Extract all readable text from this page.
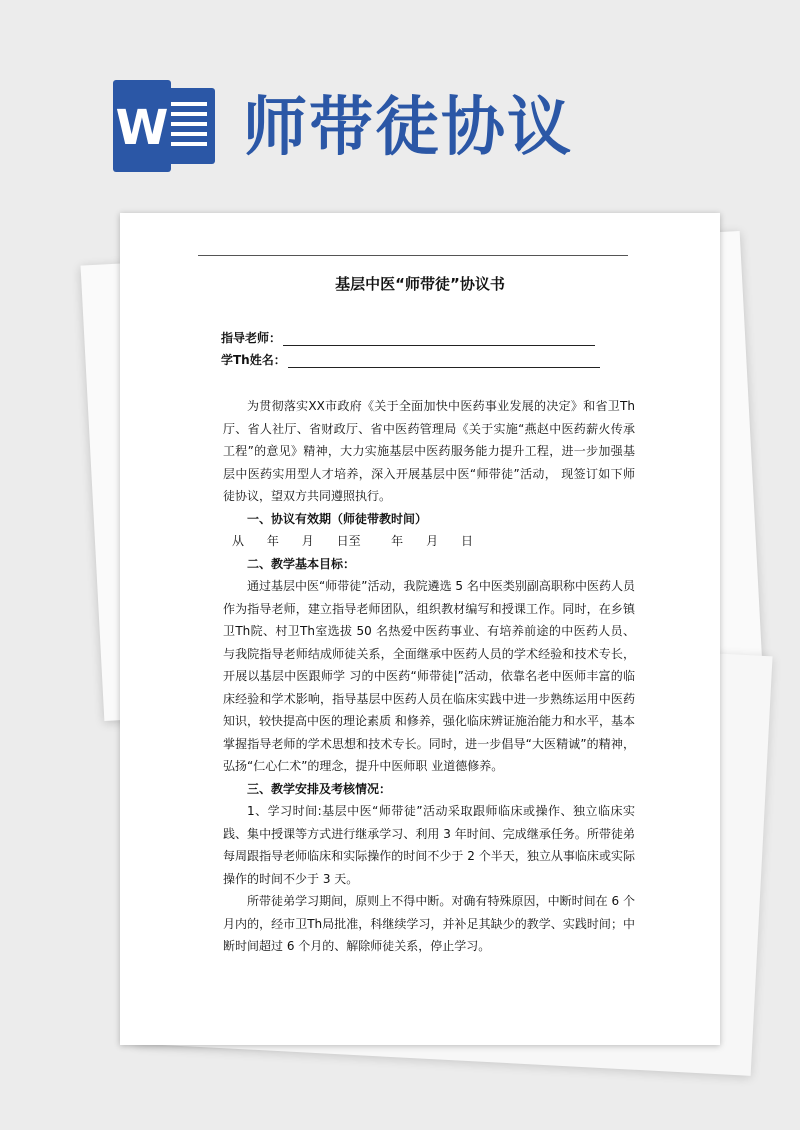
W 师带徒协议
基层中医“师带徒”协议书
指导老师：
学Th姓名：

为贯彻落实XX市政府《关于全面加快中医药事业发展的决定》和省卫Th厅、省人社厅、省财政厅、省中医药管理局《关于实施“燕赵中医药薪火传承工程”的意见》精神，大力实施基层中医药服务能力提升工程，进一步加强基层中医药实用型人才培养，深入开展基层中医“师带徒”活动， 现签订如下师徒协议，望双方共同遵照执行。

一、协议有效期（师徒带教时间）

从      年      月      日至        年      月      日

二、教学基本目标：

通过基层中医“师带徒”活动，我院遴选 5 名中医类别副高职称中医药人员作为指导老师，建立指导老师团队，组织教材编写和授课工作。同时，在乡镇卫Th院、村卫Th室选拔 50 名热爱中医药事业、有培养前途的中医药人员、与我院指导老师结成师徒关系，全面继承中医药人员的学术经验和技术专长，开展以基层中医跟师学 习的中医药“师带徒|”活动，依靠名老中医师丰富的临床经验和学术影响，指导基层中医药人员在临床实践中进一步熟练运用中医药知识，较快提高中医的理论素质 和修养，强化临床辨证施治能力和水平，基本掌握指导老师的学术思想和技术专长。同时，进一步倡导“大医精诚”的精神，弘扬“仁心仁术”的理念，提升中医师职 业道德修养。

三、教学安排及考核情况：

1、学习时间:基层中医“师带徒”活动采取跟师临床或操作、独立临床实践、集中授课等方式进行继承学习、利用 3 年时间、完成继承任务。所带徒弟每周跟指导老师临床和实际操作的时间不少于 2 个半天，独立从事临床或实际操作的时间不少于 3 天。

所带徒弟学习期间，原则上不得中断。对确有特殊原因，中断时间在 6 个月内的，经市卫Th局批准，科继续学习，并补足其缺少的教学、实践时间；中断时间超过 6 个月的、解除师徒关系，停止学习。
